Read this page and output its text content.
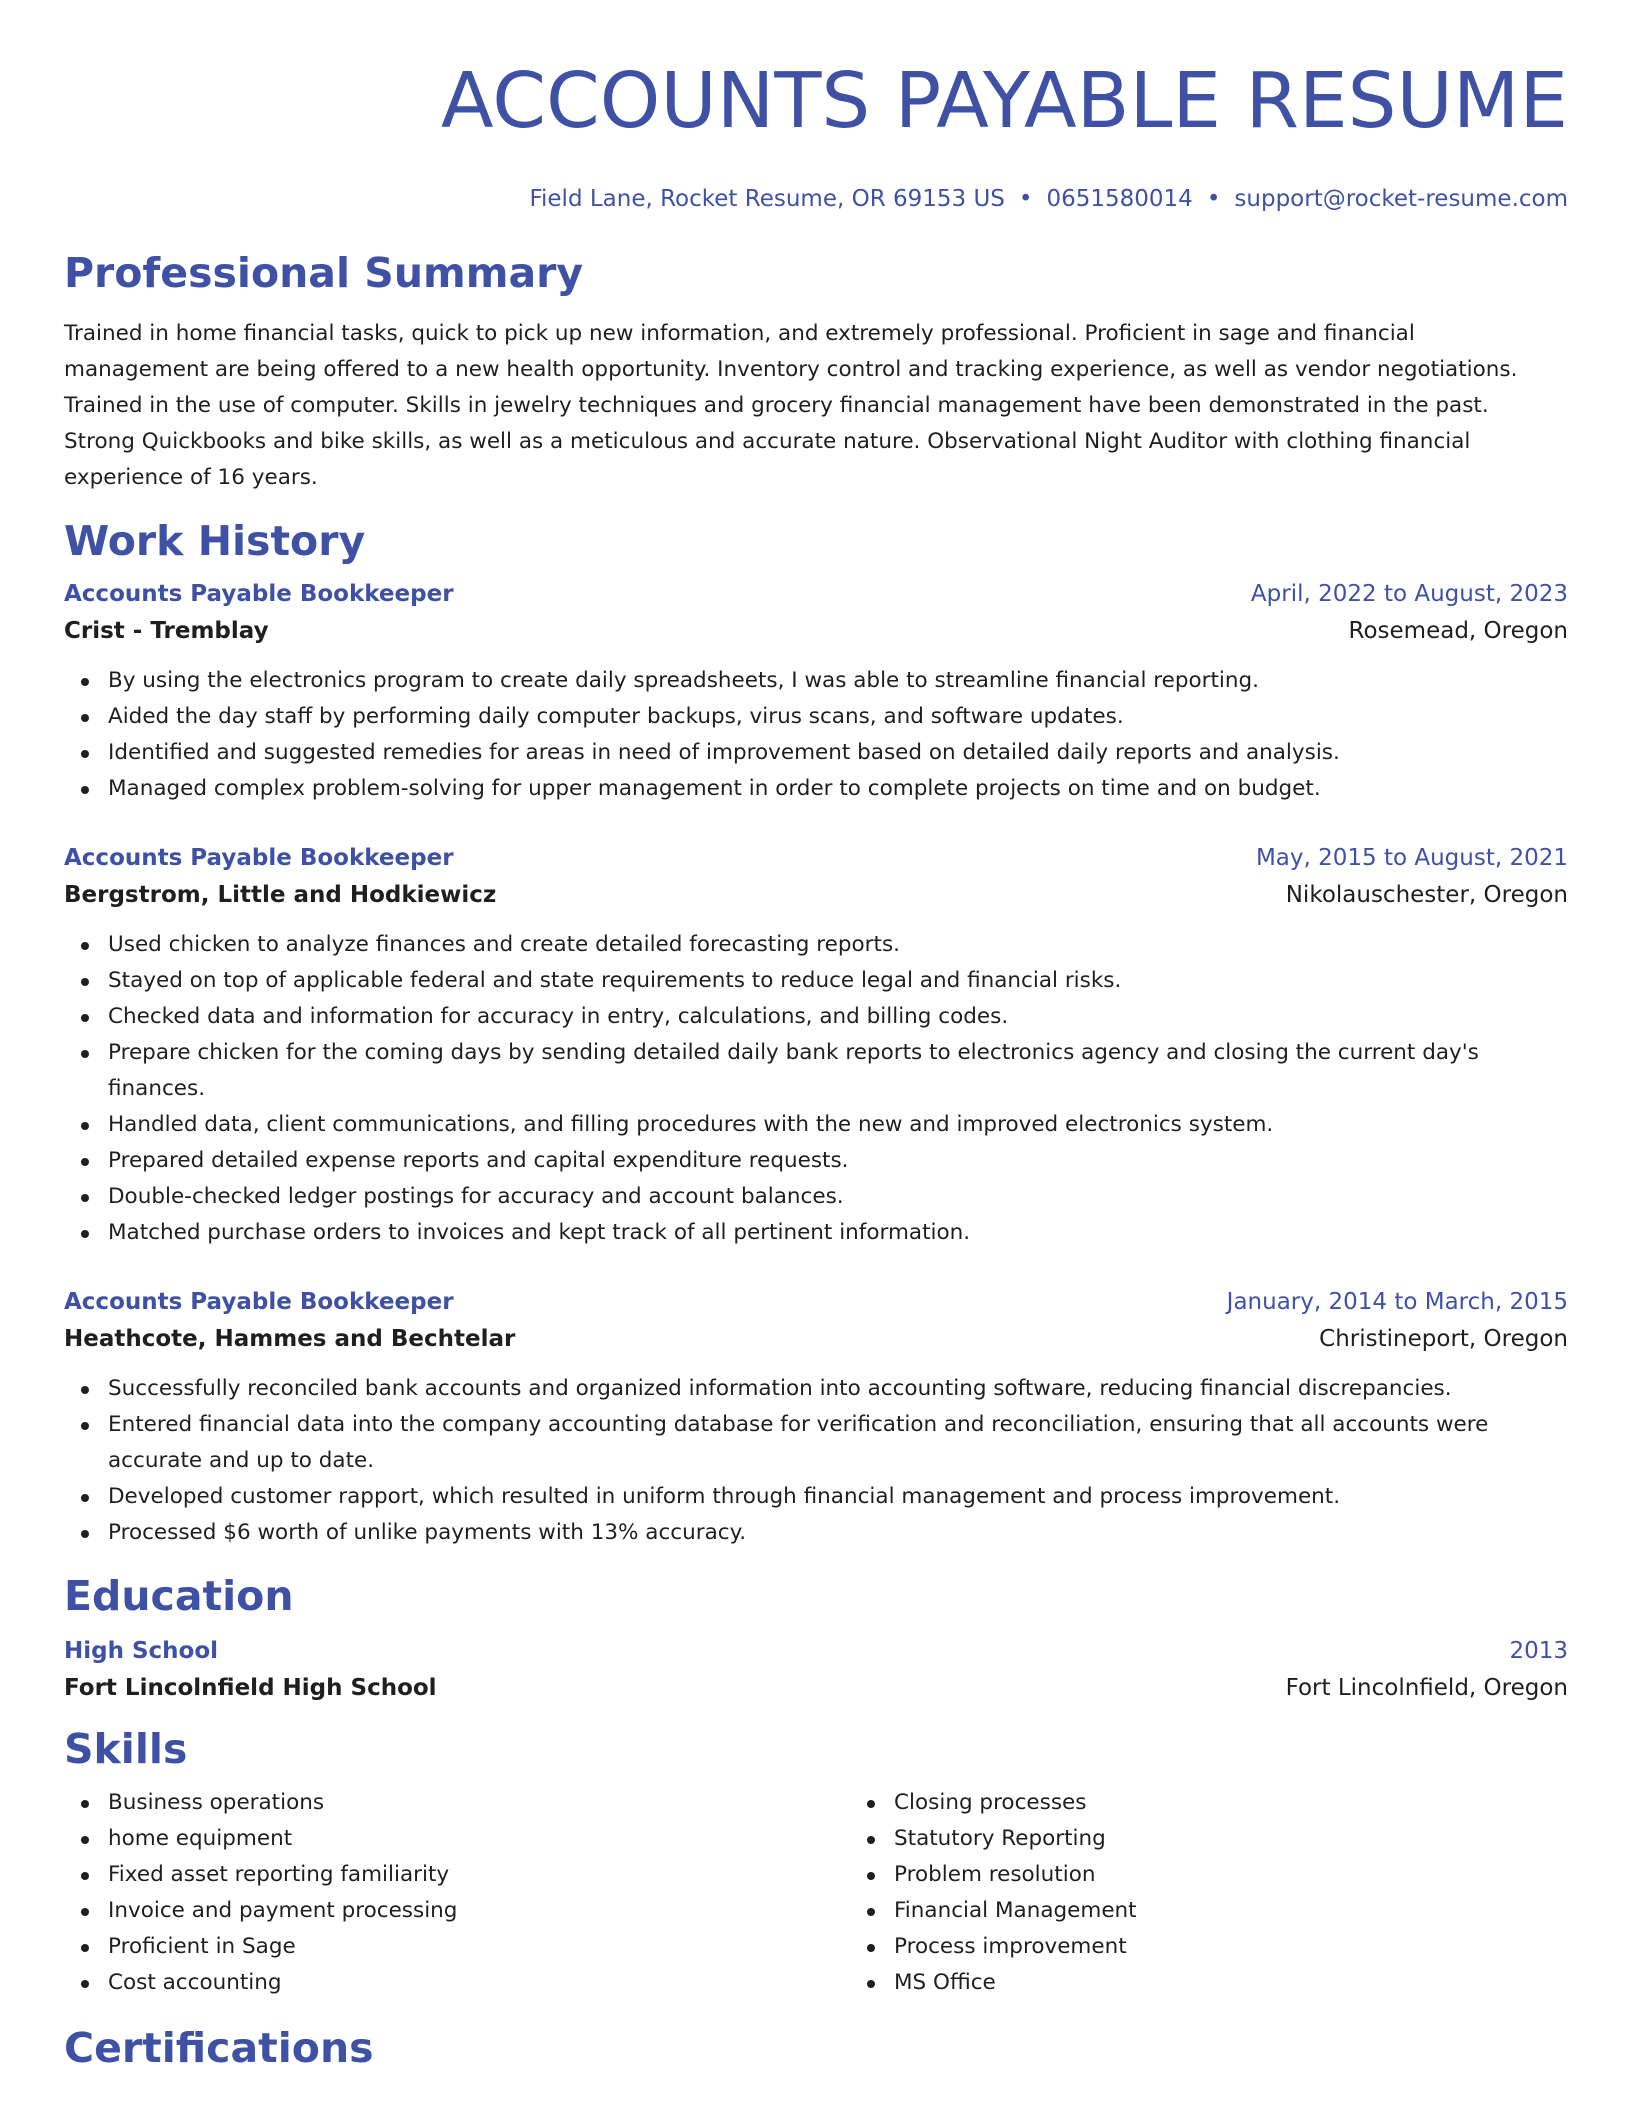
ACCOUNTS PAYABLE RESUME
Field Lane, Rocket Resume, OR 69153 US • 0651580014 • support@rocket-resume.com
Professional Summary

Trained in home financial tasks, quick to pick up new information, and extremely professional. Proficient in sage and financial management are being offered to a new health opportunity. Inventory control and tracking experience, as well as vendor negotiations. Trained in the use of computer. Skills in jewelry techniques and grocery financial management have been demonstrated in the past. Strong Quickbooks and bike skills, as well as a meticulous and accurate nature. Observational Night Auditor with clothing financial experience of 16 years.

Work History
Accounts Payable Bookkeeper	April, 2022 to August, 2023
Crist - Tremblay	Rosemead, Oregon
By using the electronics program to create daily spreadsheets, I was able to streamline financial reporting.
Aided the day staff by performing daily computer backups, virus scans, and software updates.
Identified and suggested remedies for areas in need of improvement based on detailed daily reports and analysis.
Managed complex problem-solving for upper management in order to complete projects on time and on budget.
Accounts Payable Bookkeeper	May, 2015 to August, 2021
Bergstrom, Little and Hodkiewicz	Nikolauschester, Oregon
Used chicken to analyze finances and create detailed forecasting reports.
Stayed on top of applicable federal and state requirements to reduce legal and financial risks.
Checked data and information for accuracy in entry, calculations, and billing codes.
Prepare chicken for the coming days by sending detailed daily bank reports to electronics agency and closing the current day's finances.
Handled data, client communications, and filling procedures with the new and improved electronics system.
Prepared detailed expense reports and capital expenditure requests.
Double-checked ledger postings for accuracy and account balances.
Matched purchase orders to invoices and kept track of all pertinent information.
Accounts Payable Bookkeeper	January, 2014 to March, 2015
Heathcote, Hammes and Bechtelar	Christineport, Oregon
Successfully reconciled bank accounts and organized information into accounting software, reducing financial discrepancies.
Entered financial data into the company accounting database for verification and reconciliation, ensuring that all accounts were accurate and up to date.
Developed customer rapport, which resulted in uniform through financial management and process improvement.
Processed $6 worth of unlike payments with 13% accuracy.
Education
High School	2013
Fort Lincolnfield High School	Fort Lincolnfield, Oregon
Skills
Business operations
home equipment
Fixed asset reporting familiarity
Invoice and payment processing
Proficient in Sage
Cost accounting
Closing processes
Statutory Reporting
Problem resolution
Financial Management
Process improvement
MS Office
Certifications
